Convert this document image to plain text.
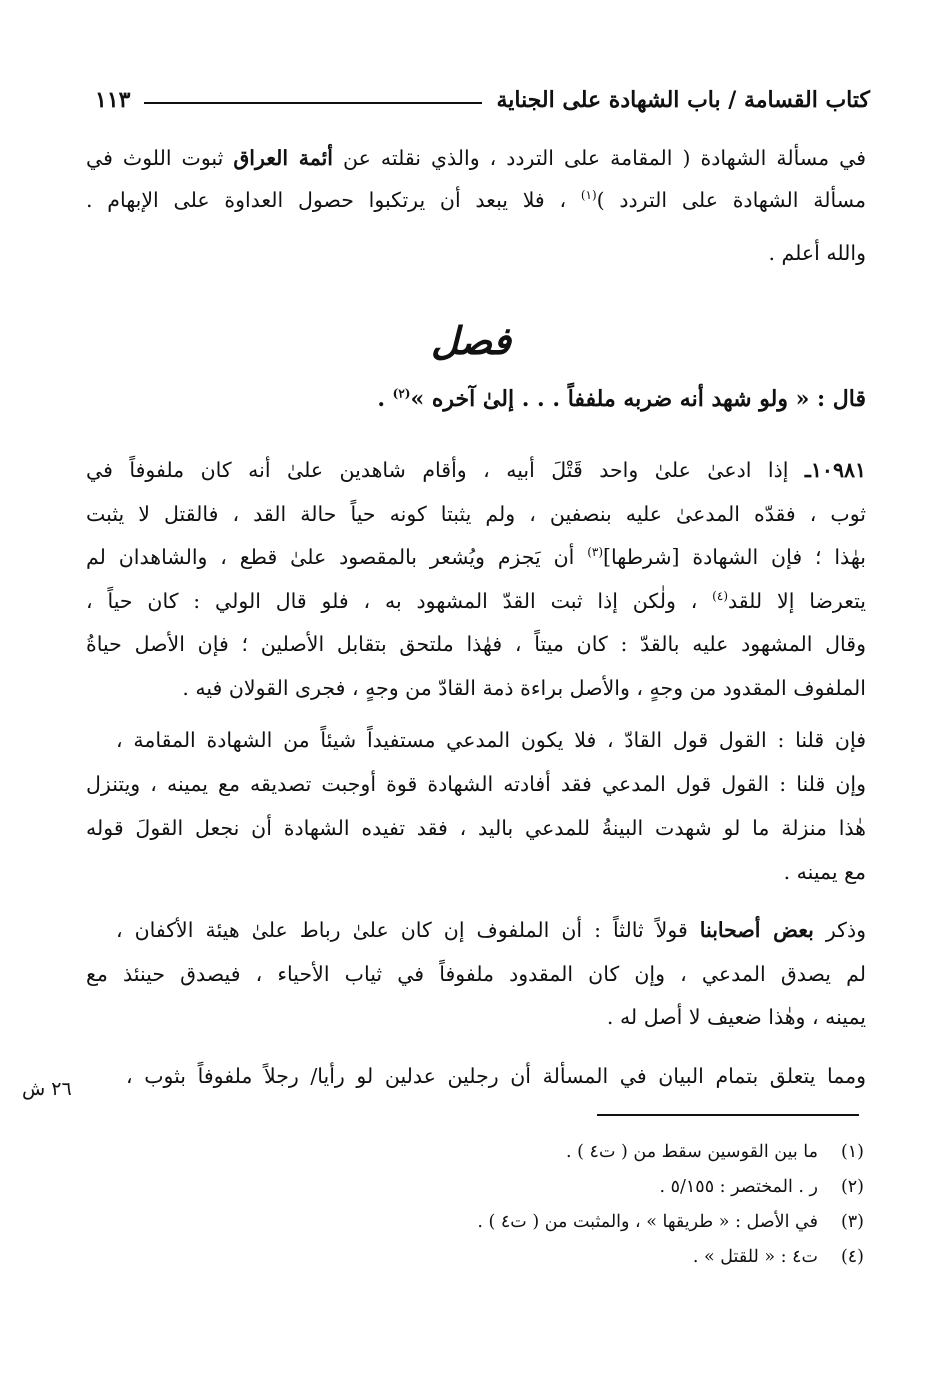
كتاب القسامة / باب الشهادة على الجناية
١١٣
في مسألة الشهادة ( المقامة على التردد ، والذي نقلته عن أئمة العراق ثبوت اللوث في
مسألة الشهادة على التردد )$^{(١)}$ ، فلا يبعد أن يرتكبوا حصول العداوة على الإبهام .
والله أعلم .
فصل
قال : « ولو شهد أنه ضربه ملففاً . . . إلىٰ آخره »$^{(٢)}$ .
١٠٩٨١ـ إذا ادعىٰ علىٰ واحد قَتْلَ أبيه ، وأقام شاهدين علىٰ أنه كان ملفوفاً في
ثوب ، فقدّه المدعىٰ عليه بنصفين ، ولم يثبتا كونه حياً حالة القد ، فالقتل لا يثبت
بهٰذا ؛ فإن الشهادة [شرطها]$^{(٣)}$ أن يَجزم ويُشعر بالمقصود علىٰ قطع ، والشاهدان لم
يتعرضا إلا للقد$^{(٤)}$ ، ولٰكن إذا ثبت القدّ المشهود به ، فلو قال الولي : كان حياً ،
وقال المشهود عليه بالقدّ : كان ميتاً ، فهٰذا ملتحق بتقابل الأصلين ؛ فإن الأصل حياةُ
الملفوف المقدود من وجهٍ ، والأصل براءة ذمة القادّ من وجهٍ ، فجرى القولان فيه .
فإن قلنا : القول قول القادّ ، فلا يكون المدعي مستفيداً شيئاً من الشهادة المقامة ،
وإن قلنا : القول قول المدعي فقد أفادته الشهادة قوة أوجبت تصديقه مع يمينه ، ويتنزل
هٰذا منزلة ما لو شهدت البينةُ للمدعي باليد ، فقد تفيده الشهادة أن نجعل القولَ قوله
مع يمينه .
وذكر بعض أصحابنا قولاً ثالثاً : أن الملفوف إن كان علىٰ رباط علىٰ هيئة الأكفان ،
لم يصدق المدعي ، وإن كان المقدود ملفوفاً في ثياب الأحياء ، فيصدق حينئذ مع
يمينه ، وهٰذا ضعيف لا أصل له .
ومما يتعلق بتمام البيان في المسألة أن رجلين عدلين لو رأيا/ رجلاً ملفوفاً بثوب ،
٢٦ ش
(١)
ما بين القوسين سقط من ( ت٤ ) .
(٢)
ر . المختصر : ٥/١٥٥ .
(٣)
في الأصل : « طريقها » ، والمثبت من ( ت٤ ) .
(٤)
ت٤ : « للقتل » .
